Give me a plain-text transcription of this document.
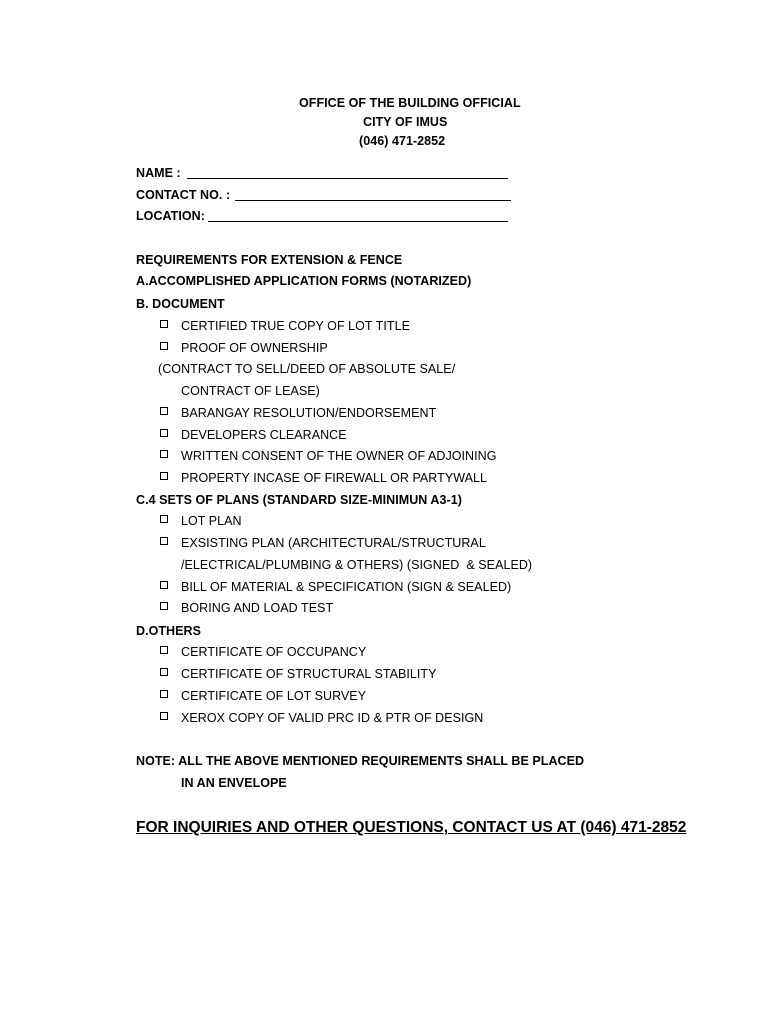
OFFICE OF THE BUILDING OFFICIAL
CITY OF IMUS
(046) 471-2852
NAME :
CONTACT NO. :
LOCATION:
REQUIREMENTS FOR EXTENSION & FENCE
A.ACCOMPLISHED APPLICATION FORMS (NOTARIZED)
B. DOCUMENT
CERTIFIED TRUE COPY OF LOT TITLE
PROOF OF OWNERSHIP
(CONTRACT TO SELL/DEED OF ABSOLUTE SALE/
CONTRACT OF LEASE)
BARANGAY RESOLUTION/ENDORSEMENT
DEVELOPERS CLEARANCE
WRITTEN CONSENT OF THE OWNER OF ADJOINING
PROPERTY INCASE OF FIREWALL OR PARTYWALL
C.4 SETS OF PLANS (STANDARD SIZE-MINIMUN A3-1)
LOT PLAN
EXSISTING PLAN (ARCHITECTURAL/STRUCTURAL
/ELECTRICAL/PLUMBING & OTHERS) (SIGNED  & SEALED)
BILL OF MATERIAL & SPECIFICATION (SIGN & SEALED)
BORING AND LOAD TEST
D.OTHERS
CERTIFICATE OF OCCUPANCY
CERTIFICATE OF STRUCTURAL STABILITY
CERTIFICATE OF LOT SURVEY
XEROX COPY OF VALID PRC ID & PTR OF DESIGN
NOTE: ALL THE ABOVE MENTIONED REQUIREMENTS SHALL BE PLACED
IN AN ENVELOPE
FOR INQUIRIES AND OTHER QUESTIONS, CONTACT US AT (046) 471-2852
